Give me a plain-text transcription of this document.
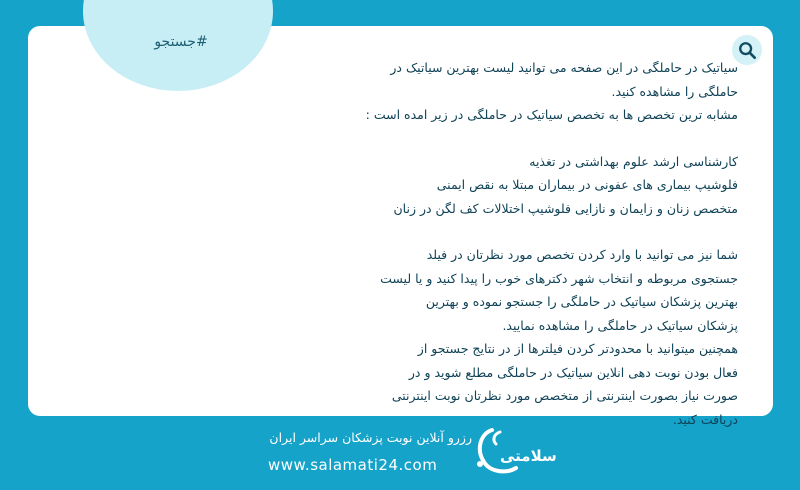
#جستجو

سیاتیک در حاملگی در این صفحه می توانید لیست بهترین سیاتیک در

حاملگی را مشاهده کنید.

مشابه ترین تخصص ها به تخصص سیاتیک در حاملگی در زیر امده است :

کارشناسی ارشد علوم بهداشتی در تغذیه

فلوشیپ بیماری های عفونی در بیماران مبتلا به نقص ایمنی

متخصص زنان و زایمان و نازایی فلوشیپ اختلالات کف لگن در زنان

شما نیز می توانید با وارد کردن تخصص مورد نظرتان در فیلد

جستجوی مربوطه و انتخاب شهر دکترهای خوب را پیدا کنید و یا لیست

بهترین پزشکان سیاتیک در حاملگی را جستجو نموده و بهترین

پزشکان سیاتیک در حاملگی را مشاهده نمایید.

همچنین میتوانید با محدودتر کردن فیلترها از در نتایج جستجو از

فعال بودن نوبت دهی انلاین سیاتیک در حاملگی مطلع شوید و در

صورت نیاز بصورت اینترنتی از متخصص مورد نظرتان نوبت اینترنتی

دریافت کنید.

سلامتی
رزرو آنلاین نوبت پزشکان سراسر ایران
www.salamati24.com
